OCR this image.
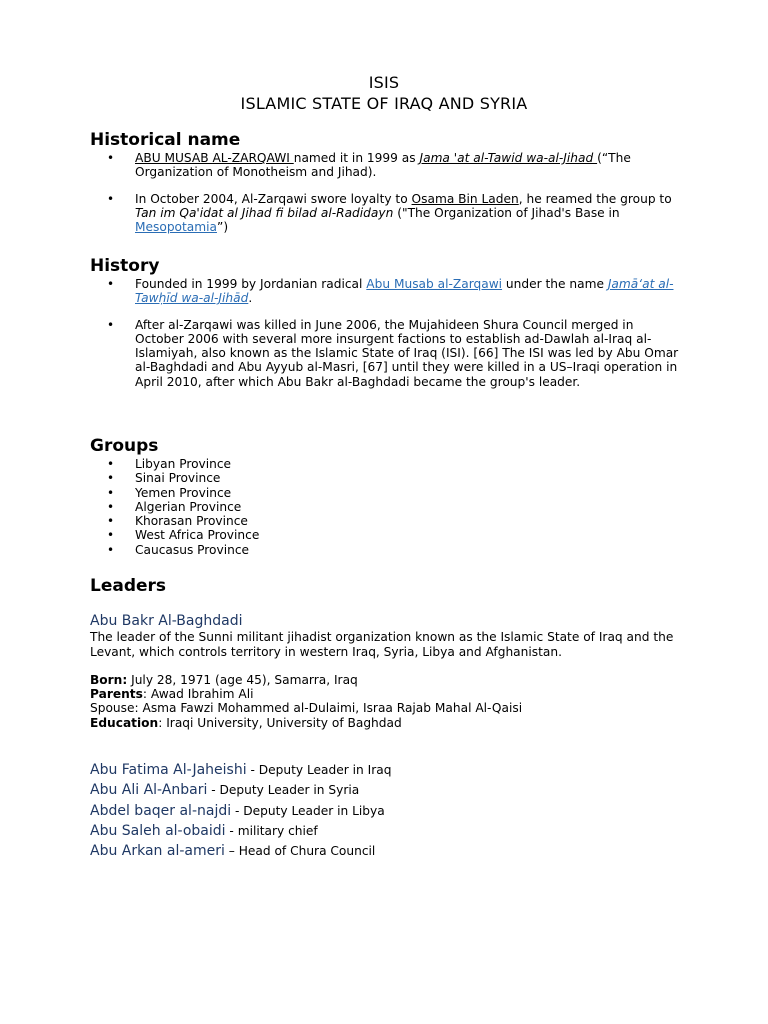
ISIS
ISLAMIC STATE OF IRAQ AND SYRIA
Historical name
• ABU MUSAB AL-ZARQAWI named it in 1999 as Jama 'at al-Tawid wa-al-Jihad (“The Organization of Monotheism and Jihad).
• In October 2004, Al-Zarqawi swore loyalty to Osama Bin Laden, he reamed the group to Tan im Qa'idat al Jihad fi bilad al-Radidayn ("The Organization of Jihad's Base in Mesopotamia”)
History
• Founded in 1999 by Jordanian radical Abu Musab al-Zarqawi under the name Jamāʻat al-Tawḥīd wa-al-Jihād.
• After al-Zarqawi was killed in June 2006, the Mujahideen Shura Council merged in October 2006 with several more insurgent factions to establish ad-Dawlah al-Iraq al-Islamiyah, also known as the Islamic State of Iraq (ISI). [66] The ISI was led by Abu Omar al-Baghdadi and Abu Ayyub al-Masri, [67] until they were killed in a US–Iraqi operation in April 2010, after which Abu Bakr al-Baghdadi became the group's leader.
Groups
• Libyan Province
• Sinai Province
• Yemen Province
• Algerian Province
• Khorasan Province
• West Africa Province
• Caucasus Province
Leaders
Abu Bakr Al-Baghdadi
The leader of the Sunni militant jihadist organization known as the Islamic State of Iraq and the Levant, which controls territory in western Iraq, Syria, Libya and Afghanistan.
Born: July 28, 1971 (age 45), Samarra, Iraq
Parents: Awad Ibrahim Ali
Spouse: Asma Fawzi Mohammed al-Dulaimi, Israa Rajab Mahal Al-Qaisi
Education: Iraqi University, University of Baghdad
Abu Fatima Al-Jaheishi - Deputy Leader in Iraq
Abu Ali Al-Anbari - Deputy Leader in Syria
Abdel baqer al-najdi - Deputy Leader in Libya
Abu Saleh al-obaidi - military chief
Abu Arkan al-ameri – Head of Chura Council
